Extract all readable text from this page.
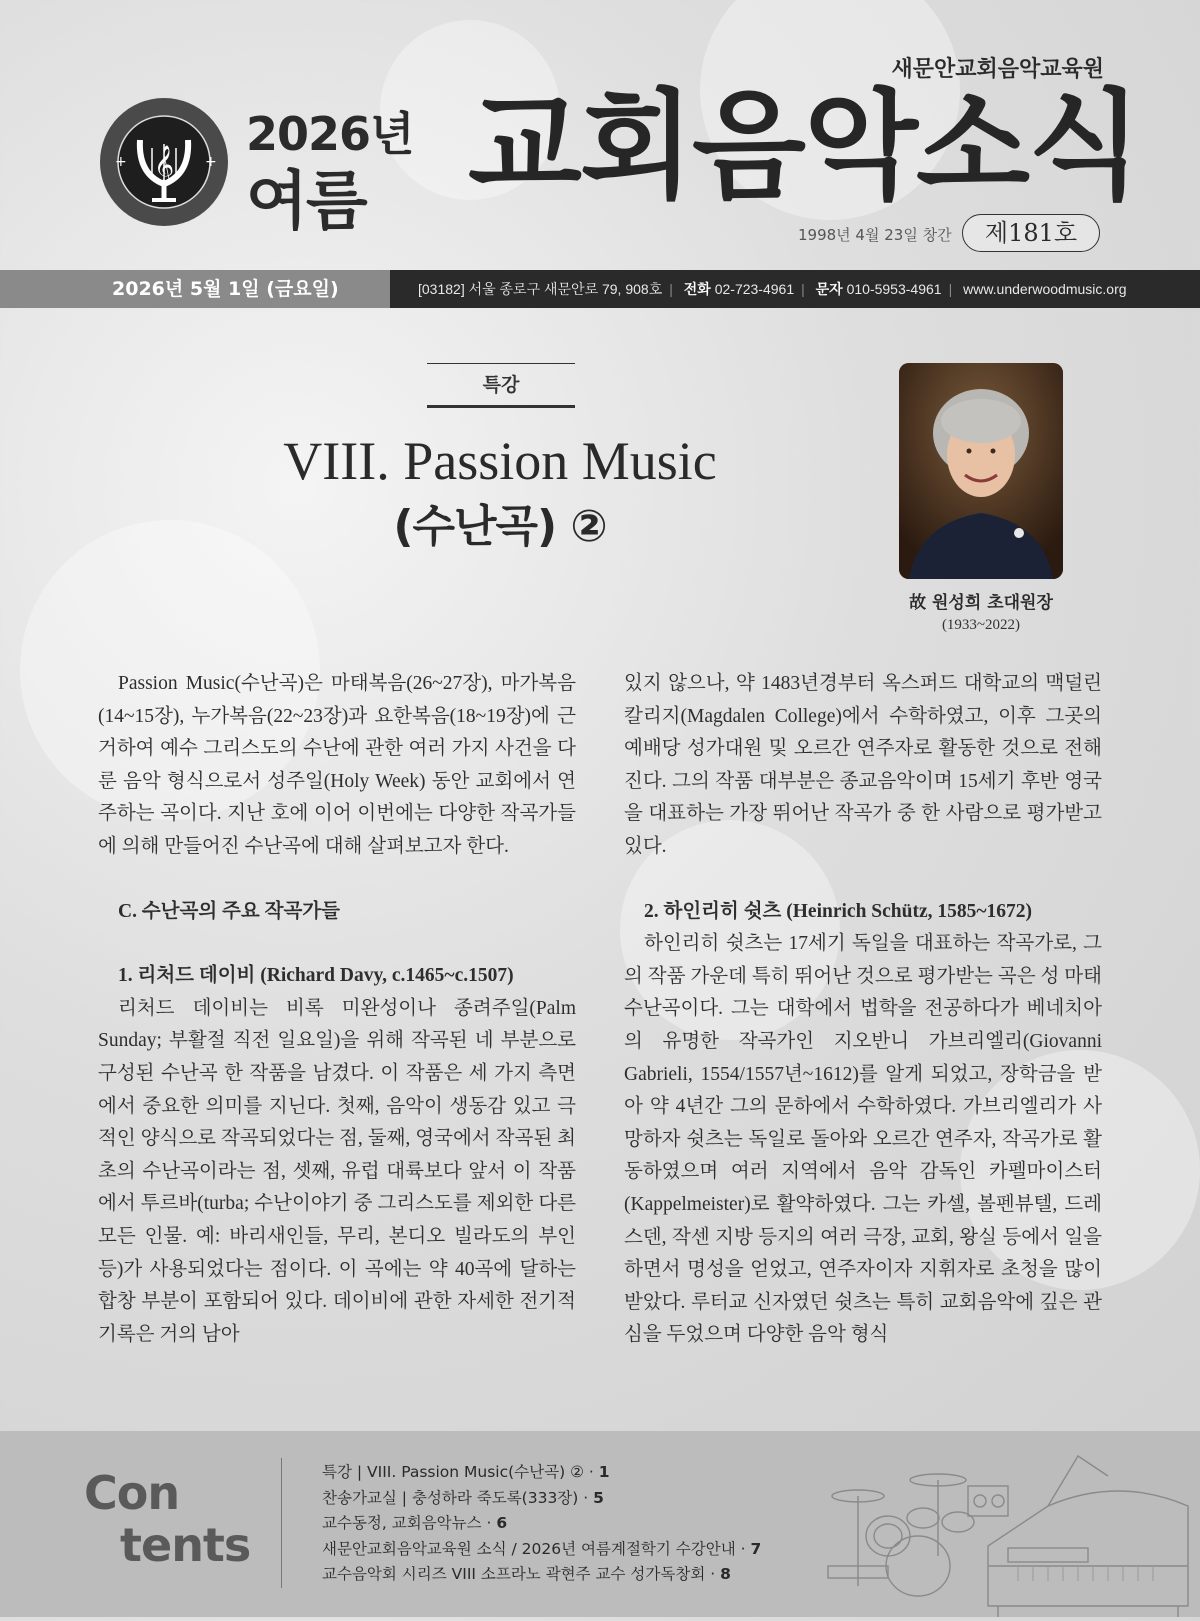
𝄞
+	+
2026년
여름
새문안교회음악교육원
교회음악소식
1998년 4월 23일 창간	제181호
2026년 5월 1일 (금요일)	[03182] 서울 종로구 새문안로 79, 908호 | 전화 02-723-4961 | 문자 010-5953-4961 | www.underwoodmusic.org
특강
VIII. Passion Music
(수난곡) ②
故 원성희 초대원장
(1933~2022)

Passion Music(수난곡)은 마태복음(26~27장), 마가복음(14~15장), 누가복음(22~23장)과 요한복음(18~19장)에 근거하여 예수 그리스도의 수난에 관한 여러 가지 사건을 다룬 음악 형식으로서 성주일(Holy Week) 동안 교회에서 연주하는 곡이다. 지난 호에 이어 이번에는 다양한 작곡가들에 의해 만들어진 수난곡에 대해 살펴보고자 한다.

C. 수난곡의 주요 작곡가들
1. 리처드 데이비 (Richard Davy, c.1465~c.1507)

리처드 데이비는 비록 미완성이나 종려주일(Palm Sunday; 부활절 직전 일요일)을 위해 작곡된 네 부분으로 구성된 수난곡 한 작품을 남겼다. 이 작품은 세 가지 측면에서 중요한 의미를 지닌다. 첫째, 음악이 생동감 있고 극적인 양식으로 작곡되었다는 점, 둘째, 영국에서 작곡된 최초의 수난곡이라는 점, 셋째, 유럽 대륙보다 앞서 이 작품에서 투르바(turba; 수난이야기 중 그리스도를 제외한 다른 모든 인물. 예: 바리새인들, 무리, 본디오 빌라도의 부인 등)가 사용되었다는 점이다. 이 곡에는 약 40곡에 달하는 합창 부분이 포함되어 있다. 데이비에 관한 자세한 전기적 기록은 거의 남아

있지 않으나, 약 1483년경부터 옥스퍼드 대학교의 맥덜린 칼리지(Magdalen College)에서 수학하였고, 이후 그곳의 예배당 성가대원 및 오르간 연주자로 활동한 것으로 전해진다. 그의 작품 대부분은 종교음악이며 15세기 후반 영국을 대표하는 가장 뛰어난 작곡가 중 한 사람으로 평가받고 있다.

2. 하인리히 쉿츠 (Heinrich Schütz, 1585~1672)

하인리히 쉿츠는 17세기 독일을 대표하는 작곡가로, 그의 작품 가운데 특히 뛰어난 것으로 평가받는 곡은 성 마태 수난곡이다. 그는 대학에서 법학을 전공하다가 베네치아의 유명한 작곡가인 지오반니 가브리엘리(Giovanni Gabrieli, 1554/1557년~1612)를 알게 되었고, 장학금을 받아 약 4년간 그의 문하에서 수학하였다. 가브리엘리가 사망하자 쉿츠는 독일로 돌아와 오르간 연주자, 작곡가로 활동하였으며 여러 지역에서 음악 감독인 카펠마이스터(Kappelmeister)로 활약하였다. 그는 카셀, 볼펜뷰텔, 드레스덴, 작센 지방 등지의 여러 극장, 교회, 왕실 등에서 일을 하면서 명성을 얻었고, 연주자이자 지휘자로 초청을 많이 받았다. 루터교 신자였던 쉿츠는 특히 교회음악에 깊은 관심을 두었으며 다양한 음악 형식

Con
tents
특강 | VIII. Passion Music(수난곡) ② · 1
찬송가교실 | 충성하라 죽도록(333장) · 5
교수동정, 교회음악뉴스 · 6
새문안교회음악교육원 소식 / 2026년 여름계절학기 수강안내 · 7
교수음악회 시리즈 VIII 소프라노 곽현주 교수 성가독창회 · 8
